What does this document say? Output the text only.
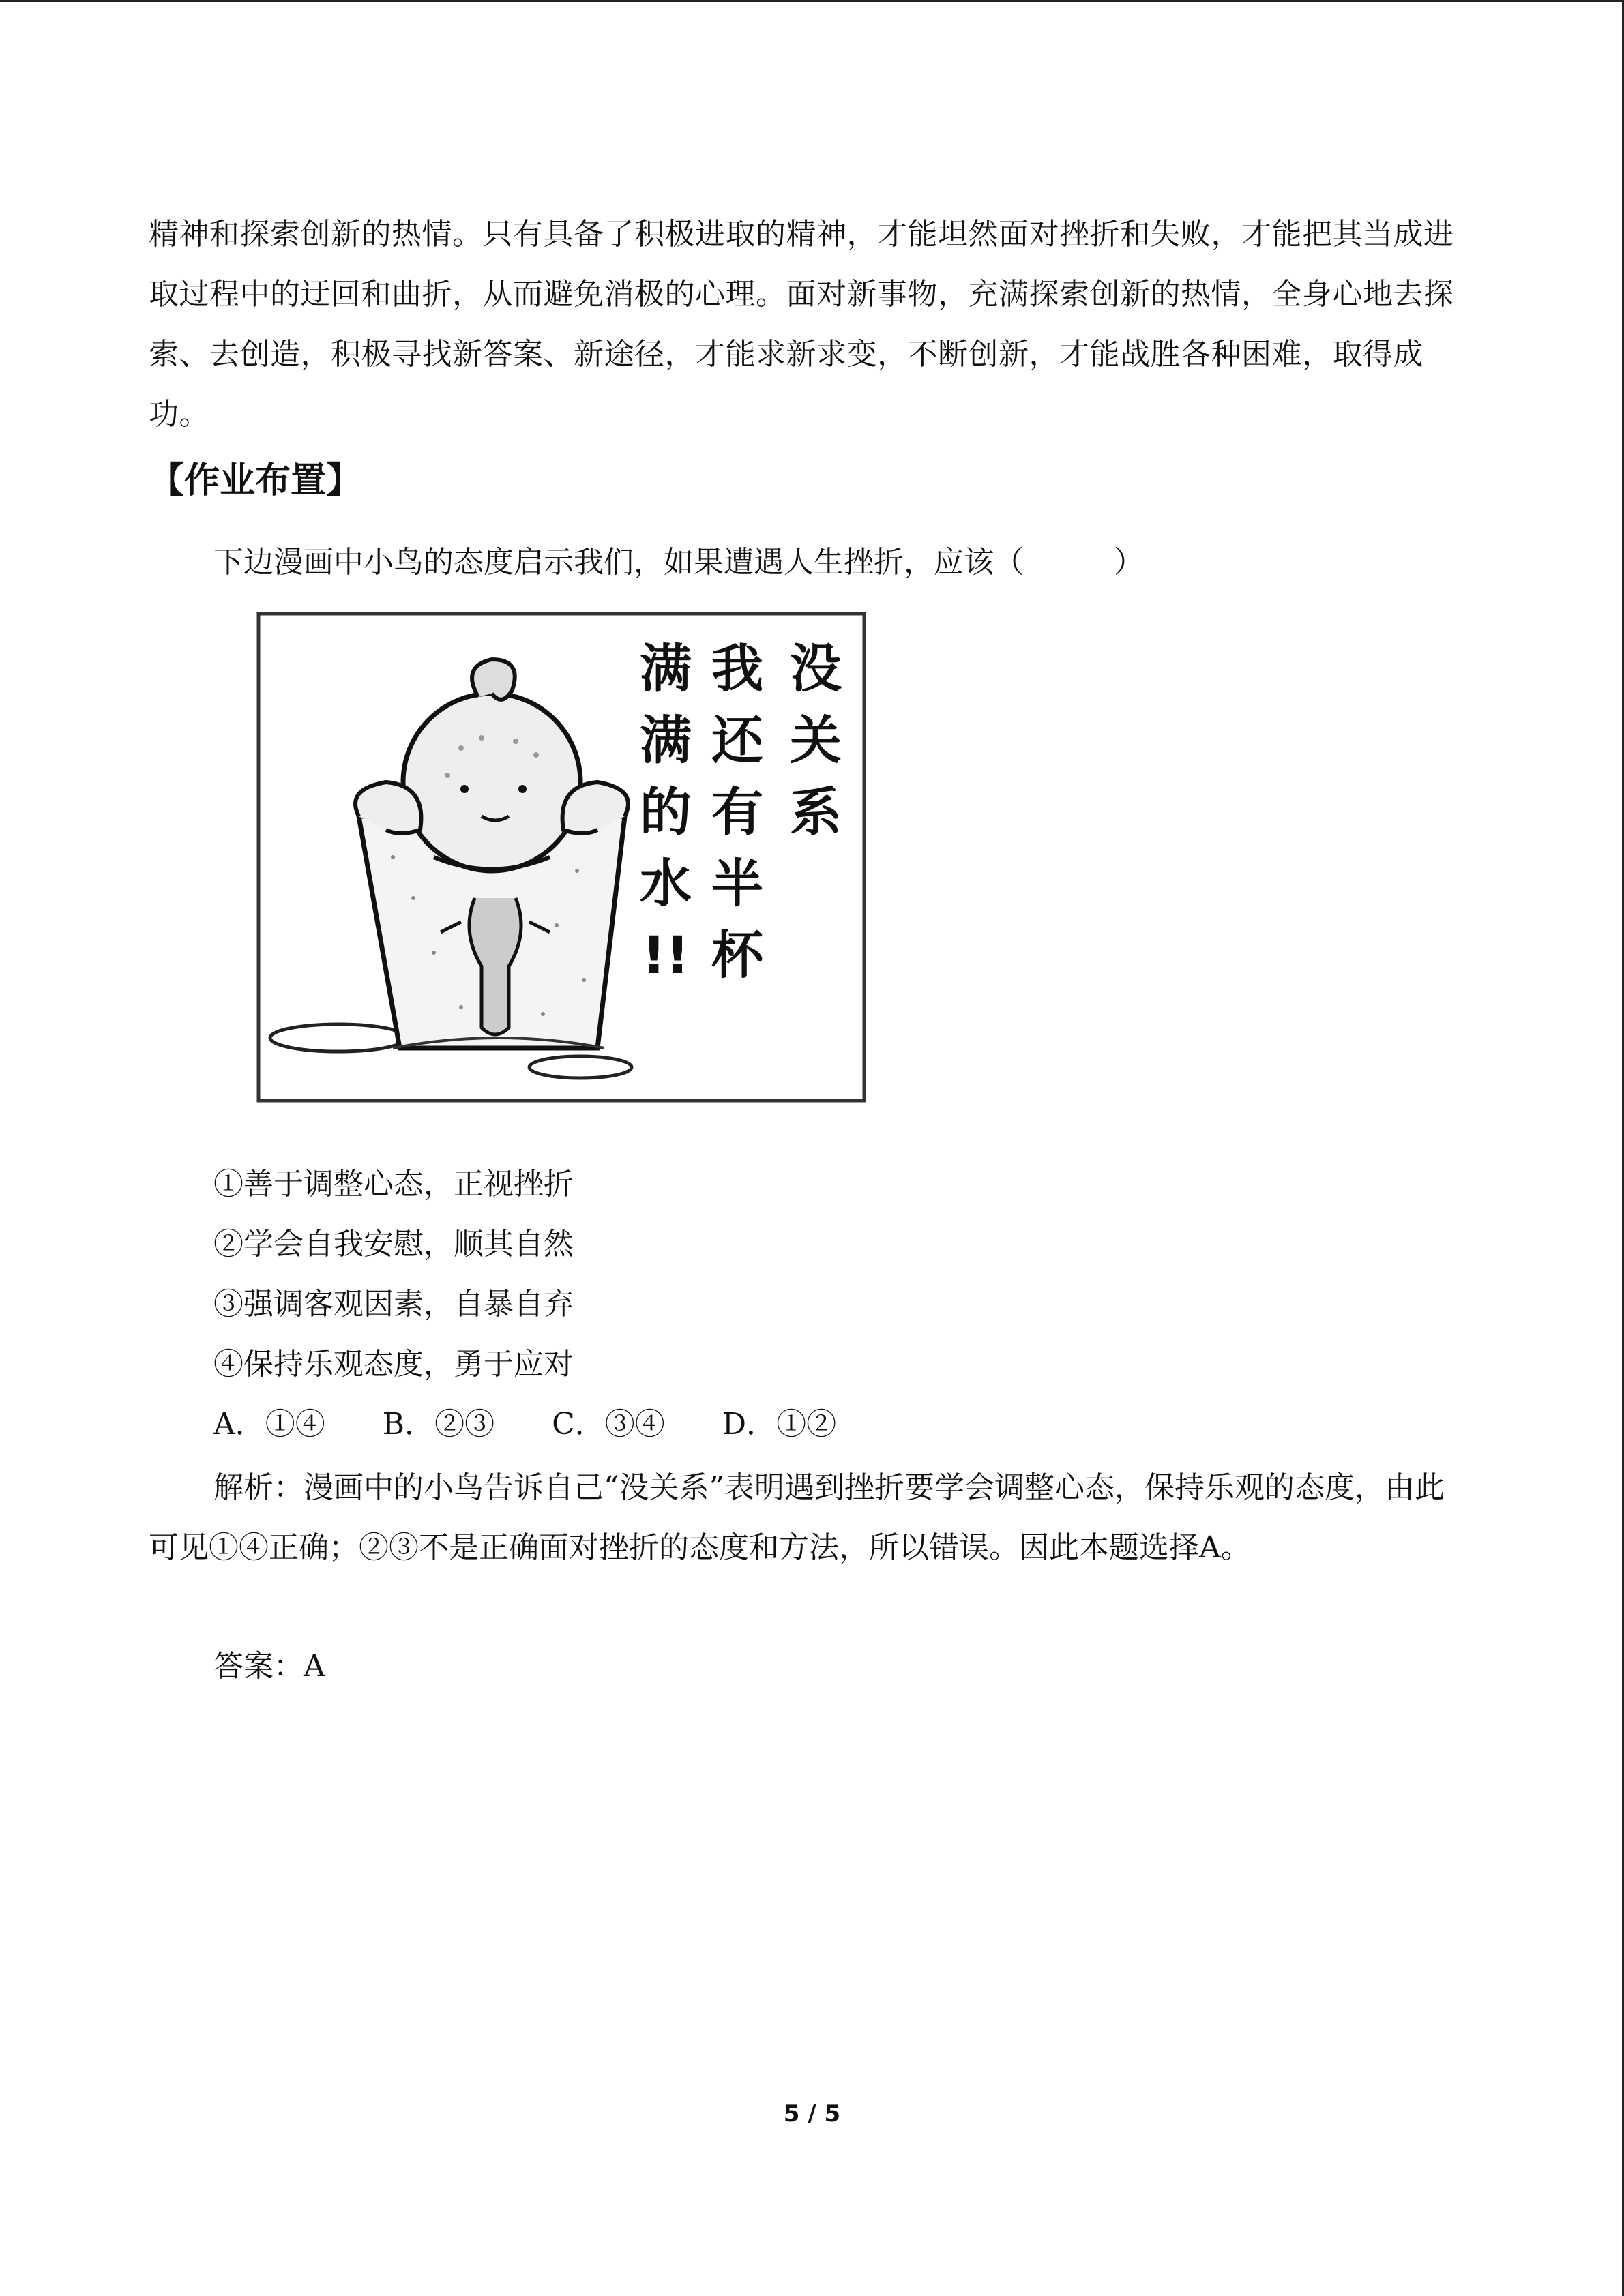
精神和探索创新的热情。只有具备了积极进取的精神，才能坦然面对挫折和失败，才能把其当成进取过程中的迂回和曲折，从而避免消极的心理。面对新事物，充满探索创新的热情，全身心地去探索、去创造，积极寻找新答案、新途径，才能求新求变，不断创新，才能战胜各种困难，取得成功。
【作业布置】
下边漫画中小鸟的态度启示我们，如果遭遇人生挫折，应该（　　　）
没
关
系
我
还
有
半
杯
满
满
的
水
!!
①善于调整心态，正视挫折
②学会自我安慰，顺其自然
③强调客观因素，自暴自弃
④保持乐观态度，勇于应对
A．①④ B．②③ C．③④ D．①②
解析：漫画中的小鸟告诉自己“没关系”表明遇到挫折要学会调整心态，保持乐观的态度，由此可见①④正确；②③不是正确面对挫折的态度和方法，所以错误。因此本题选择A。
答案：A
5 / 5
